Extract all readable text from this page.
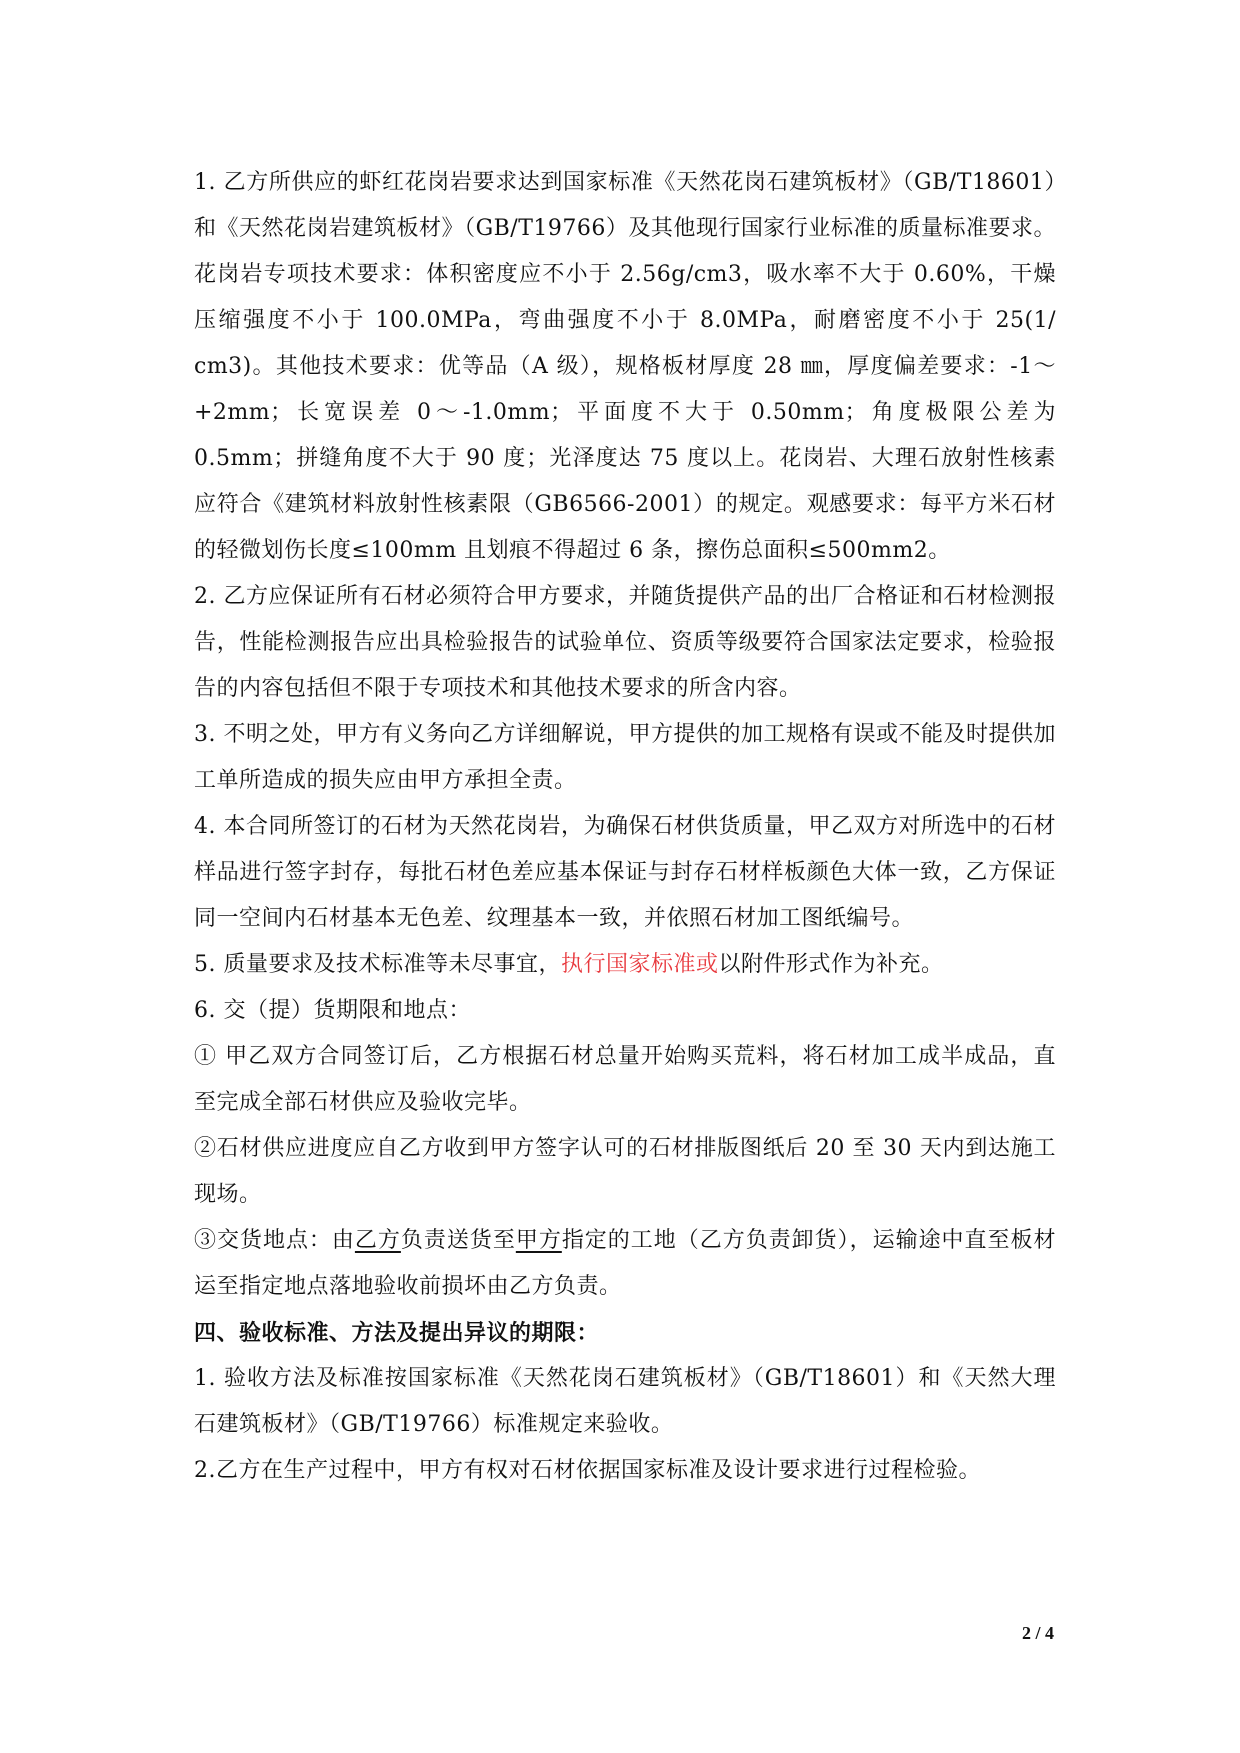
1. 乙方所供应的虾红花岗岩要求达到国家标准《天然花岗石建筑板材》（GB/T18601）和《天然花岗岩建筑板材》（GB/T19766）及其他现行国家行业标准的质量标准要求。花岗岩专项技术要求：体积密度应不小于 2.56g/cm3，吸水率不大于 0.60%，干燥压缩强度不小于 100.0MPa，弯曲强度不小于 8.0MPa，耐磨密度不小于 25(1/ cm3)。其他技术要求：优等品（A 级），规格板材厚度 28 ㎜，厚度偏差要求：-1～+2mm；长宽误差 0～-1.0mm；平面度不大于 0.50mm；角度极限公差为 0.5mm；拼缝角度不大于 90 度；光泽度达 75 度以上。花岗岩、大理石放射性核素应符合《建筑材料放射性核素限（GB6566-2001）的规定。观感要求：每平方米石材的轻微划伤长度≤100mm 且划痕不得超过 6 条，擦伤总面积≤500mm2。

2. 乙方应保证所有石材必须符合甲方要求，并随货提供产品的出厂合格证和石材检测报告，性能检测报告应出具检验报告的试验单位、资质等级要符合国家法定要求，检验报告的内容包括但不限于专项技术和其他技术要求的所含内容。

3. 不明之处，甲方有义务向乙方详细解说，甲方提供的加工规格有误或不能及时提供加工单所造成的损失应由甲方承担全责。

4. 本合同所签订的石材为天然花岗岩，为确保石材供货质量，甲乙双方对所选中的石材样品进行签字封存，每批石材色差应基本保证与封存石材样板颜色大体一致，乙方保证同一空间内石材基本无色差、纹理基本一致，并依照石材加工图纸编号。

5. 质量要求及技术标准等未尽事宜，执行国家标准或以附件形式作为补充。

6. 交（提）货期限和地点：

① 甲乙双方合同签订后，乙方根据石材总量开始购买荒料，将石材加工成半成品，直至完成全部石材供应及验收完毕。

②石材供应进度应自乙方收到甲方签字认可的石材排版图纸后 20 至 30 天内到达施工现场。

③交货地点：由乙方负责送货至甲方指定的工地（乙方负责卸货），运输途中直至板材运至指定地点落地验收前损坏由乙方负责。

四、验收标准、方法及提出异议的期限：

1. 验收方法及标准按国家标准《天然花岗石建筑板材》（GB/T18601）和《天然大理石建筑板材》（GB/T19766）标准规定来验收。

2.乙方在生产过程中，甲方有权对石材依据国家标准及设计要求进行过程检验。

2 / 4
